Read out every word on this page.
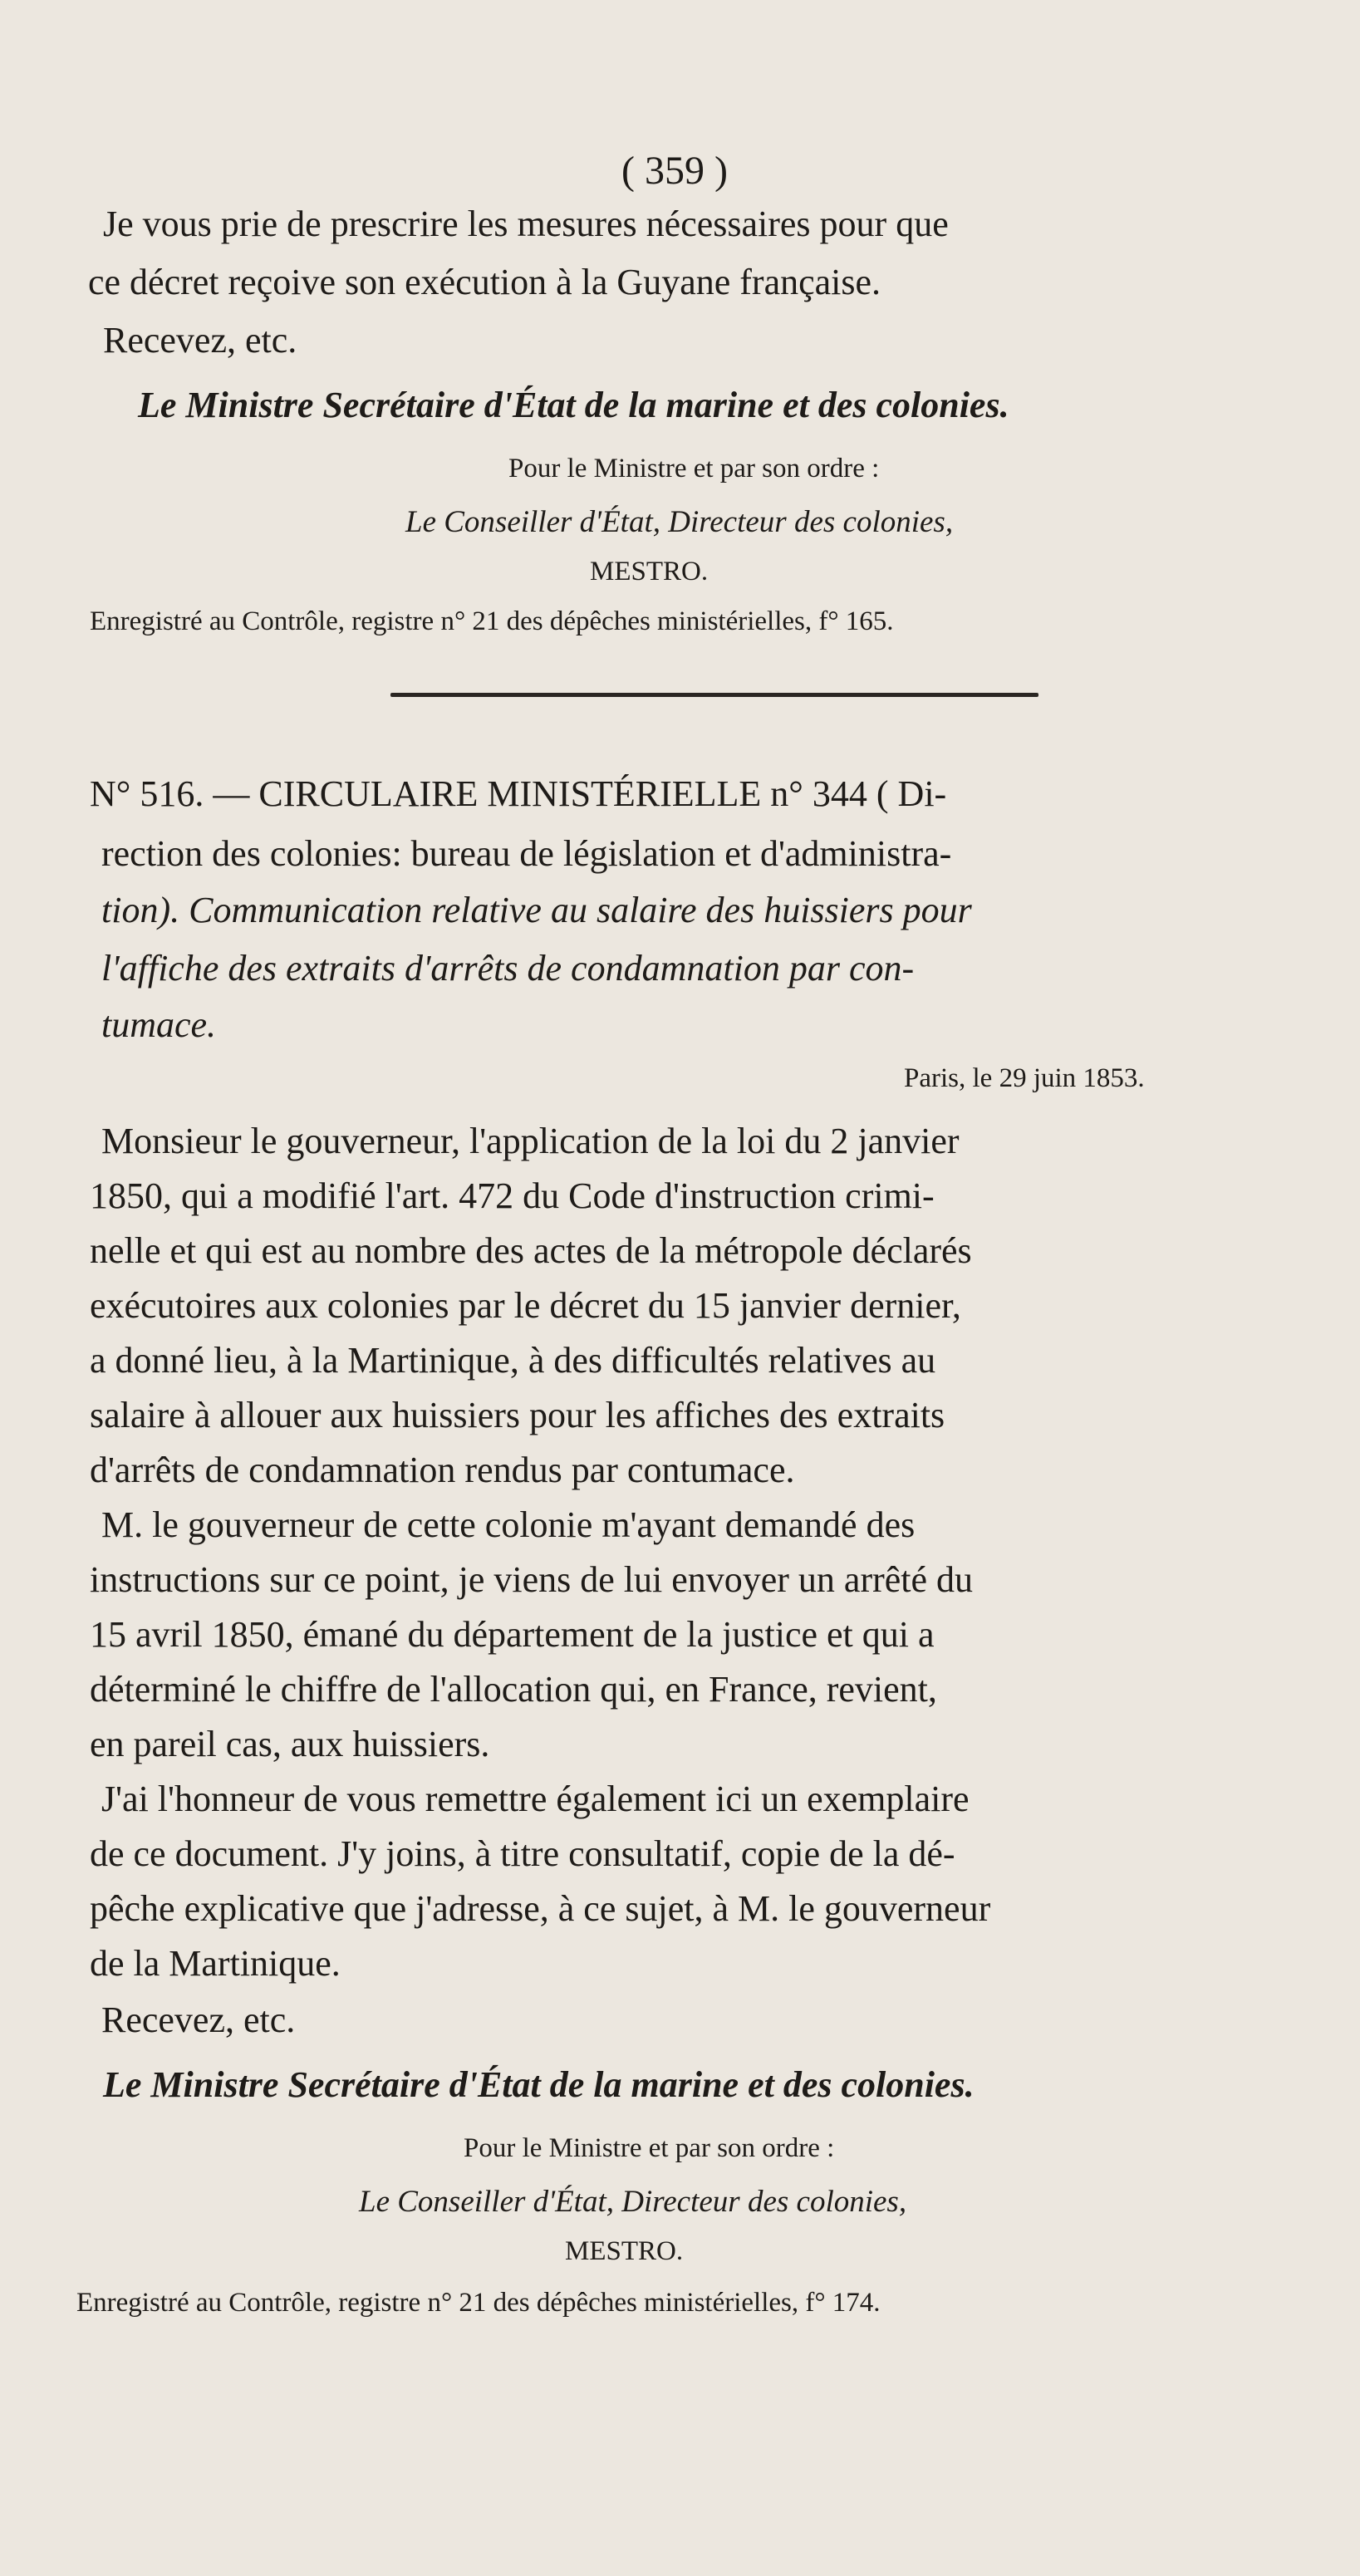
( 359 )
Je vous prie de prescrire les mesures nécessaires pour que
ce décret reçoive son exécution à la Guyane française.
Recevez, etc.
Le Ministre Secrétaire d'État de la marine et des colonies.
Pour le Ministre et par son ordre :
Le Conseiller d'État, Directeur des colonies,
MESTRO.
Enregistré au Contrôle, registre n° 21 des dépêches ministérielles, f° 165.
N° 516. — CIRCULAIRE MINISTÉRIELLE n° 344 ( Di-
rection des colonies: bureau de législation et d'administra-
tion). Communication relative au salaire des huissiers pour
l'affiche des extraits d'arrêts de condamnation par con-
tumace.
Paris, le 29 juin 1853.
Monsieur le gouverneur, l'application de la loi du 2 janvier
1850, qui a modifié l'art. 472 du Code d'instruction crimi-
nelle et qui est au nombre des actes de la métropole déclarés
exécutoires aux colonies par le décret du 15 janvier dernier,
a donné lieu, à la Martinique, à des difficultés relatives au
salaire à allouer aux huissiers pour les affiches des extraits
d'arrêts de condamnation rendus par contumace.
M. le gouverneur de cette colonie m'ayant demandé des
instructions sur ce point, je viens de lui envoyer un arrêté du
15 avril 1850, émané du département de la justice et qui a
déterminé le chiffre de l'allocation qui, en France, revient,
en pareil cas, aux huissiers.
J'ai l'honneur de vous remettre également ici un exemplaire
de ce document. J'y joins, à titre consultatif, copie de la dé-
pêche explicative que j'adresse, à ce sujet, à M. le gouverneur
de la Martinique.
Recevez, etc.
Le Ministre Secrétaire d'État de la marine et des colonies.
Pour le Ministre et par son ordre :
Le Conseiller d'État, Directeur des colonies,
MESTRO.
Enregistré au Contrôle, registre n° 21 des dépêches ministérielles, f° 174.
